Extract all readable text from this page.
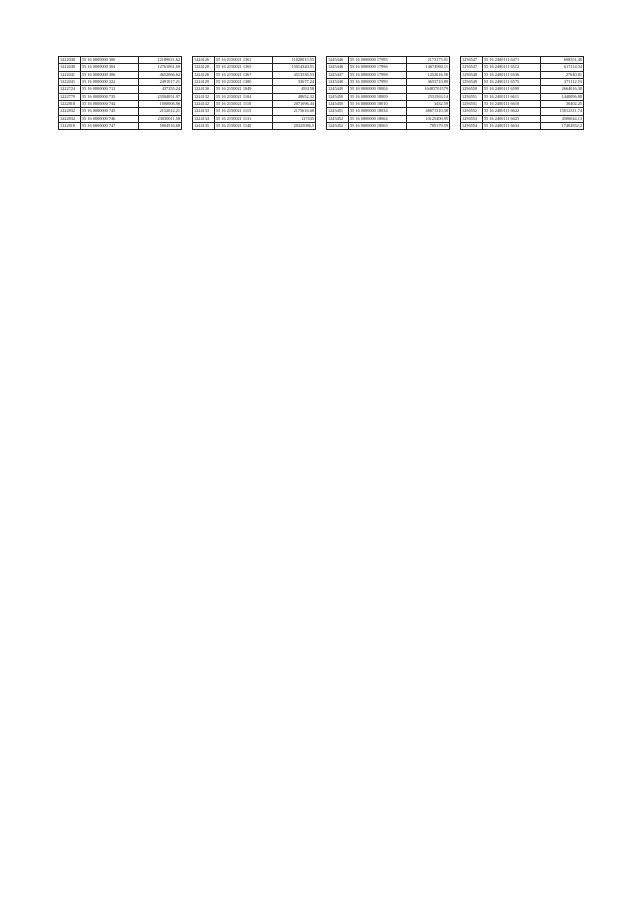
1222040	55 16 0000000 306	12189021,62
1222040	55 16 0000000 304	12761061,69
1222041	55 16 0000000 306	4652066,62
1222041	55 16 0000000 322	2491017,21
1222724	55 16 0000000 712	437355,24
1222779	55 16 0000000 735	23504051,97
1222818	55 16 0000000 744	1000006,96
1222832	55 16 0000000 745	2152012,21
1222832	55 16 0000000 746	23030011,58
1222818	55 16 0000000 747	5004516,68
1224126	55 16 2150021 1361	11020015,55
1224128	55 16 2150021 1365	15014340,51
1224126	55 16 2150021 1367	4513536,53
1224129	55 16 2150021 1380	33677,24
1224130	55 16 2150021 1049	493158
1224132	55 16 2150021 1104	48652,32
1224132	55 16 2150021 1110	2071696,44
1224133	55 16 2150021 1115	2175616,68
1224134	55 16 2150021 1131	127435
1224135	55 16 2150021 1140	20325086,5
1245446	55 16 0000000 17995	2173175,01
1245446	55 16 0000000 17996	14674960,11
1245447	55 16 0000000 17998	1252616,58
1245448	55 16 0000000 17999	4653710,89
1245449	55 16 0000000 18004	16485701579
1245450	55 16 0000000 18009	2531563,14
1245450	55 16 0000000 18010	3432,59
1245451	55 16 0000000 18034	48671310,38
1245452	55 16 0000000 18064	10125400,95
1245452	55 16 0000000 18065	785179,59
1256547	55 16 2400111 6471	698351,46
1256547	55 16 2400111 6512	617114,34
1256548	55 16 2400111 6536	27640,81
1256549	55 16 2400111 6575	371112,53
1256550	55 16 2400111 6599	2664016,38
1256551	55 16 2400111 6611	1440096,88
1256551	55 16 2400111 6618	30402,25
1256552	55 16 2400111 6622	15012311,74
1256553	55 16 2400111 6625	4500044,13
1256554	55 16 2400111 6634	17402852,2
